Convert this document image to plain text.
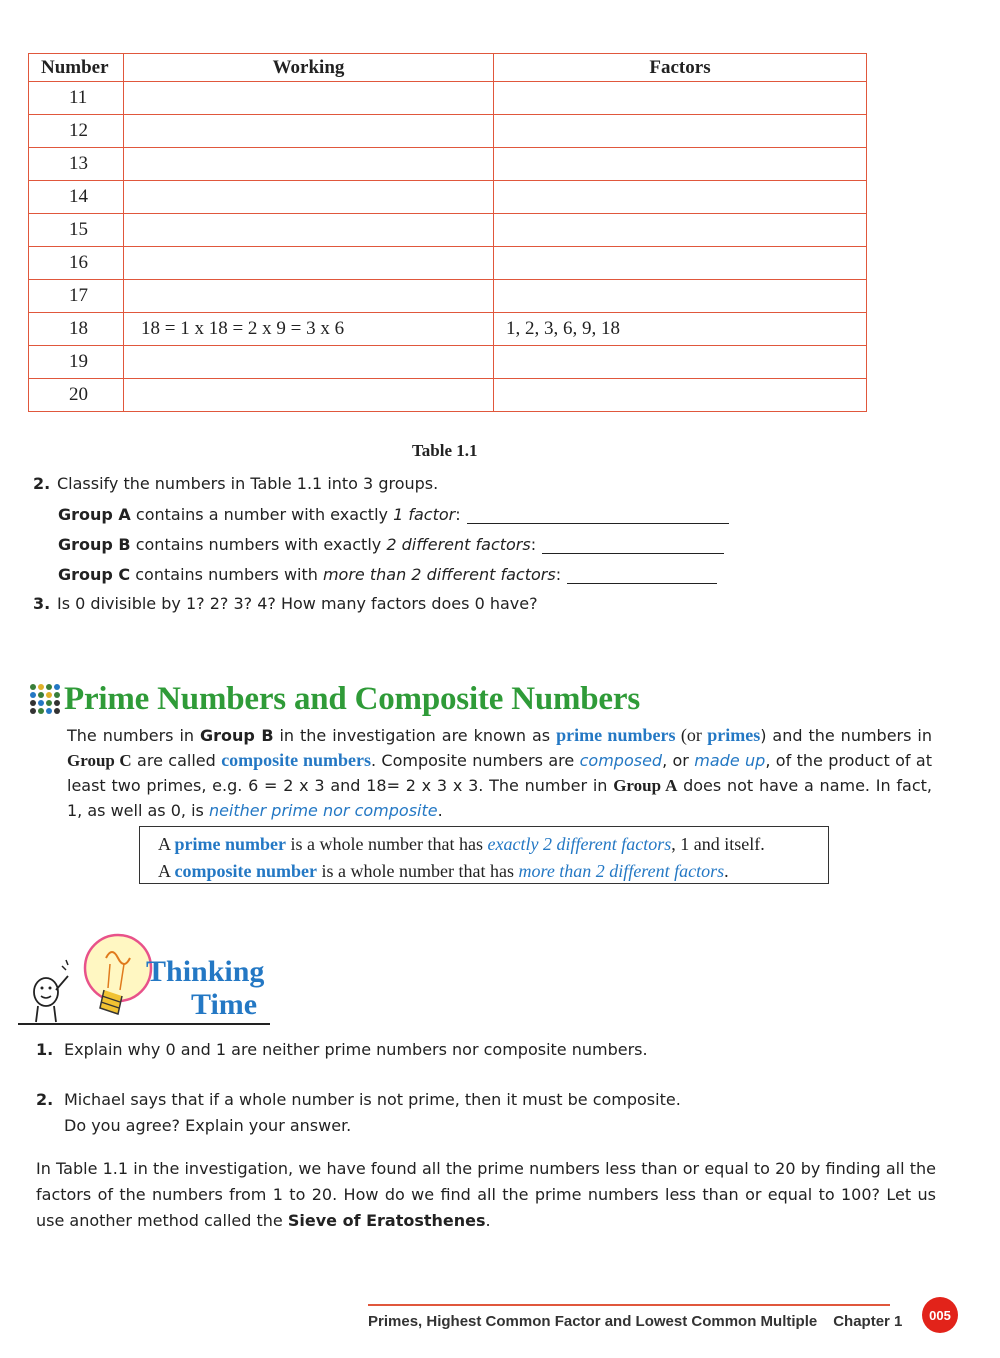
Number	Working	Factors
11		
12		
13		
14		
15		
16		
17		
18	18 = 1 x 18 = 2 x 9 = 3 x 6	1, 2, 3, 6, 9, 18
19		
20		
Table 1.1
2. Classify the numbers in Table 1.1 into 3 groups.
Group A contains a number with exactly 1 factor:
Group B contains numbers with exactly 2 different factors:
Group C contains numbers with more than 2 different factors:
3. Is 0 divisible by 1? 2? 3? 4? How many factors does 0 have?
Prime Numbers and Composite Numbers
The numbers in Group B in the investigation are known as prime numbers (or primes) and the numbers in Group C are called composite numbers. Composite numbers are composed, or made up, of the product of at least two primes, e.g. 6 = 2 x 3 and 18= 2 x 3 x 3. The number in Group A does not have a name. In fact, 1, as well as 0, is neither prime nor composite.
A prime number is a whole number that has exactly 2 different factors, 1 and itself.
A composite number is a whole number that has more than 2 different factors.
Thinking
Time
1. Explain why 0 and 1 are neither prime numbers nor composite numbers.
2. Michael says that if a whole number is not prime, then it must be composite.
Do you agree? Explain your answer.
In Table 1.1 in the investigation, we have found all the prime numbers less than or equal to 20 by finding all the factors of the numbers from 1 to 20. How do we find all the prime numbers less than or equal to 100? Let us use another method called the Sieve of Eratosthenes.
Primes, Highest Common Factor and Lowest Common Multiple Chapter 1	005
